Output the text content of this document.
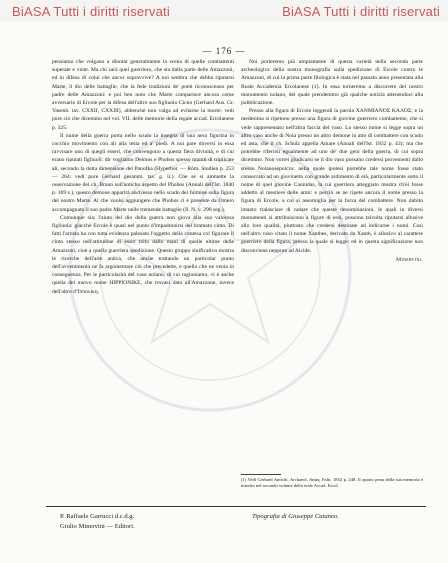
BiASA Tutti i diritti riservati	BiASA Tutti i diritti riservati
— 176 —

pensiamo che volgano a dinotar generalmente la scena di quelle combattenti superate e vinte. Ma chi sarà quel guerriero, che sta dalla parte delle Amazzoni, ed in difesa di colui che ancor sopravvive? A noi sembra che debba riputarsi Marte, il dio delle battaglie, che la fede tradizioni de' poeti riconosceano per padre delle Amazzoni: e poi ben noto che Marte comparisce ancora come avversario di Ercole per la difesa dell'altro suo figliuolo Cicno (Gerhard Aus. Gr. Vasenb. tav. CXXII, CXXIII), abbenchè non valga ad evitarne la morte: vedi pure ciò che dicemmo nel vol. VII. delle memorie della regale accad. Ercolanese p. 325.

Il nume della guerra porta nello scudo la insegna di una nera figurina in cocchio movimento con ali alla testa ed a' piedi. A noi pare doversi in essa ravvisare uno di quegli esseri, che convengono a questa fiera divinità, e di cui erano riputati figliuoli: dir vogliamo Deimos e Phobos spesso muniti di triplicate ali, secondo la dotta dimensione del Panofka (Hyperbor. — Röm. Studien p. 253 — 264: vedi pure Gerhard gesamm. tav. g. ii.). Che se si ammette la osservazione del ch. Braun sull'anticho aspetto del Phobos (Annali dell'Ist. 1840 p. 169 s.), questo demone apparirà anch'esso nello scudo del fulmine sulla figura del nostro Marte. Al che vuolsi aggiungere che Phobos ci è presente da Omero accompagnato il suo padre Marte nelle tremende battaglie (Il. N. v. 298 seg.).

Comunque sia; l'aiuto del dio della guerra non giova alla sua valorosa figliuola: giacchè Ercole è quasi nel punto d'impadronirsi del bramato cinto. Di fatti l'artista ha con tutta evidenza palesato l'oggetto della contesa col figurare il cinto stesso nell'attitudine di esser tolto dallo mani di quelle ultime delle Amazzoni, cioè a quella guerriera spedizione. Questo gruppo sinificativo mostra le ricerche dell'arte antica, che anche trattando un particolar punto dell'avvenimento ne fa argomentare ciò che precedette, e quello che ne venia in conseguenza. Per le particolarità del vaso nolano, di cui ragioniamo, vi è anche quella del nuovo nome HIPPIONIKE, che trovasi dato all'Amazzone, invece dell'altro d'Ἱππονίκη.

Noi porteremo più ampiamente di questa varietà nella seconda parte archeologica della nostra monografia sulla spedizione di Ercole contro le Amazzoni, di cui la prima parte filologica è stata nel passato anno presentata alla Reale Accademia Ercolanese (1). In essa torneremo a discorrere del nostro monumento nolano, del quale prendemmo già qualche notizia attenendoci alla pubblicazione.

Presso alla figura di Ercole leggendi la parola XANMIANOΣ KAΛOΣ; e la medesima si ripetono presso una figura di giovine guerriero combattente, che si vede rappresentato nell'altra faccia del vaso. Lo stesso nome si legge sopra un altro vaso anche di Nola presso un altro demone in atto di combattere con scudo ed asta, che il ch. Schulz appella Amare (Annali dell'Ist. 1832 p. 43); ma che potrebbe riferirsi egualmente ad uno de' due geni della guerra, di cui sopra dicemmo. Non vorrei giudicarsi se il dio vaso possano credersi provenienti dallo stesso Nolanosepolcro: nella quale ipotesi potrebbe tale nome fosse stato consecrato ad un giovinetto con grande ardimento di età, particolarmente sotto il nome di quel giovine Caunidas, la cui guerriero atteggiato mostra ch'ei fosse addetto al mestiere delle armi: e perciò se ne ripete ancora il nome presso la figura di Ercole, a cui si assomiglia per la forza del combattere. Non dubito intanto tralasciare di notare che queste denominazioni, le quali in diversi monumenti si attribuiscono a figure di eroi, possono talvolta riputarsi allusive allo loro qualità, piuttosto che credersi destinate ad indicarne i nomi. Così nell'altro vaso citato il nome Xanthes, derivato da Xanth, è allusivo al carattere guerriero della figura, presso la quale si legge: ed in questa significazione non disconviene neppure ad Alcide.

Minervini.
(1) Vedi Gerhard Antichi. Archaeol. Antiq. Faltr. 1852 p. 248. Il quarto pena della sua memoria è inserito nel secondo volume della reale Accad. Ercol.
P. Raffaele Garrucci d.c.d.g.
Giulio Minervini — Editori.
Tipografia di Giuseppe Cataneo.
